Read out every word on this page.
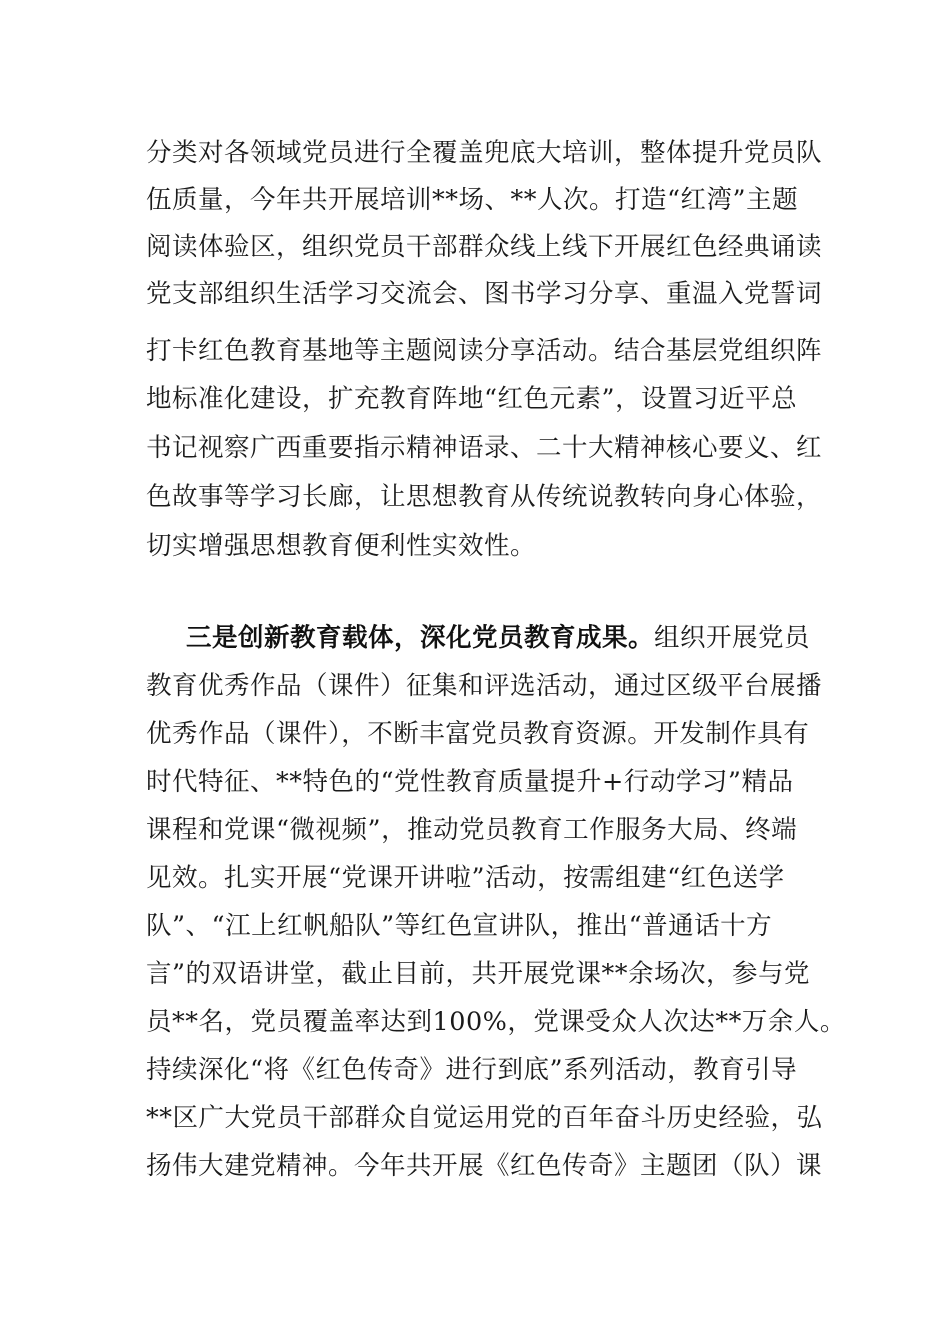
分类对各领域党员进行全覆盖兜底大培训，整体提升党员队
伍质量，今年共开展培训**场、**人次。打造“红湾”主题
阅读体验区，组织党员干部群众线上线下开展红色经典诵读
党支部组织生活学习交流会、图书学习分享、重温入党誓词
打卡红色教育基地等主题阅读分享活动。结合基层党组织阵
地标准化建设，扩充教育阵地“红色元素”，设置习近平总
书记视察广西重要指示精神语录、二十大精神核心要义、红
色故事等学习长廊，让思想教育从传统说教转向身心体验，
切实增强思想教育便利性实效性。
三是创新教育载体，深化党员教育成果。组织开展党员
教育优秀作品（课件）征集和评选活动，通过区级平台展播
优秀作品（课件），不断丰富党员教育资源。开发制作具有
时代特征、**特色的“党性教育质量提升+行动学习”精品
课程和党课“微视频”，推动党员教育工作服务大局、终端
见效。扎实开展“党课开讲啦”活动，按需组建“红色送学
队”、“江上红帆船队”等红色宣讲队，推出“普通话十方
言”的双语讲堂，截止目前，共开展党课**余场次，参与党
员**名，党员覆盖率达到100%，党课受众人次达**万余人。
持续深化“将《红色传奇》进行到底”系列活动，教育引导
**区广大党员干部群众自觉运用党的百年奋斗历史经验，弘
扬伟大建党精神。今年共开展《红色传奇》主题团（队）课
